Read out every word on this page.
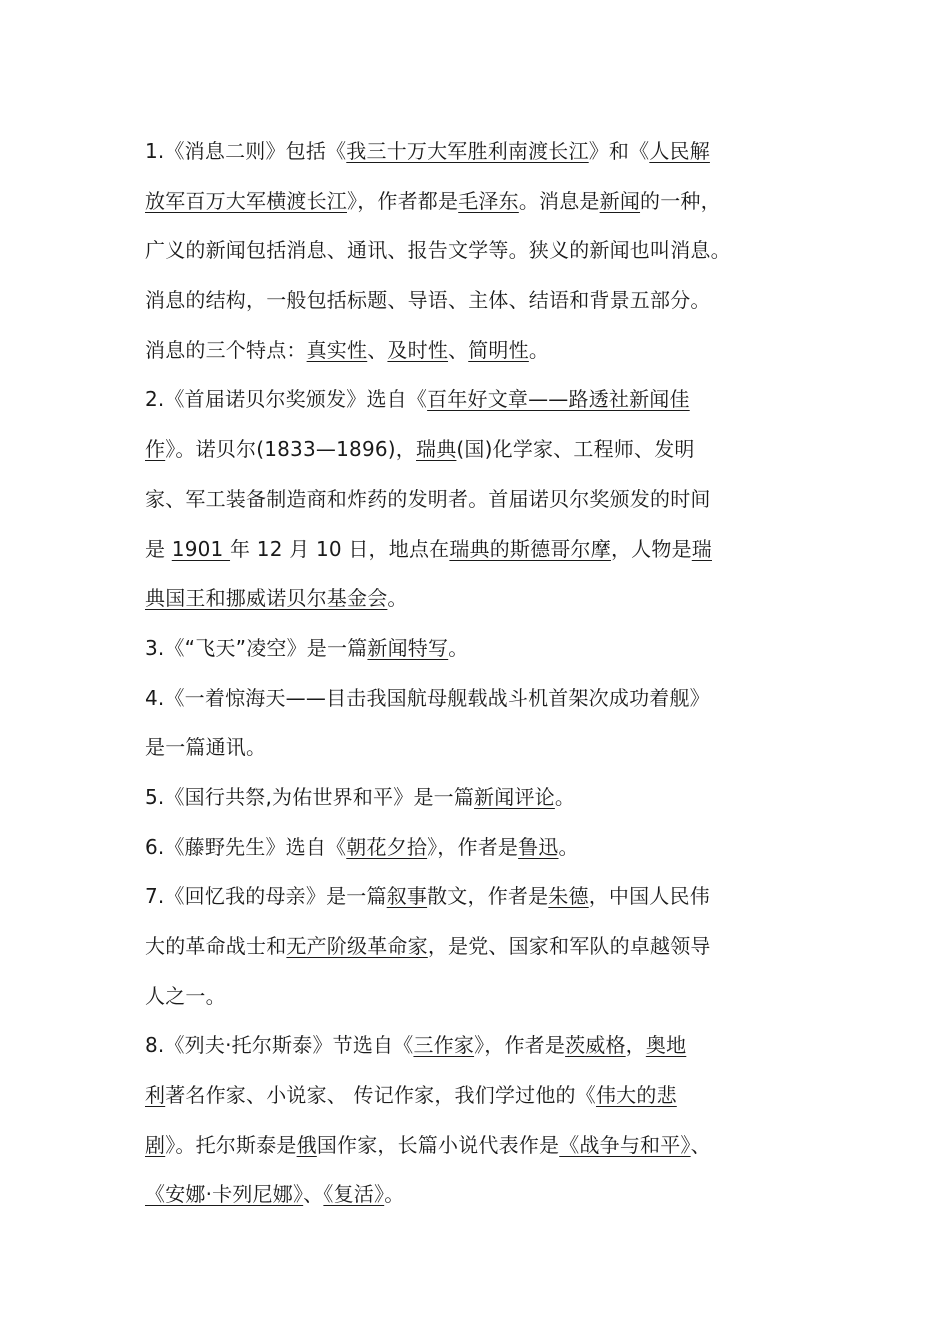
1.《消息二则》包括《我三十万大军胜利南渡长江》和《人民解
放军百万大军横渡长江》，作者都是毛泽东。消息是新闻的一种，
广义的新闻包括消息、通讯、报告文学等。狭义的新闻也叫消息。
消息的结构，一般包括标题、导语、主体、结语和背景五部分。
消息的三个特点：真实性、及时性、简明性。
2.《首届诺贝尔奖颁发》选自《百年好文章——路透社新闻佳
作》。诺贝尔(1833—1896)，瑞典(国)化学家、工程师、发明
家、军工装备制造商和炸药的发明者。首届诺贝尔奖颁发的时间
是 1901 年 12 月 10 日，地点在瑞典的斯德哥尔摩，人物是瑞
典国王和挪威诺贝尔基金会。
3.《“飞天”凌空》是一篇新闻特写。
4.《一着惊海天——目击我国航母舰载战斗机首架次成功着舰》
是一篇通讯。
5.《国行共祭,为佑世界和平》是一篇新闻评论。
6.《藤野先生》选自《朝花夕拾》，作者是鲁迅。
7.《回忆我的母亲》是一篇叙事散文，作者是朱德，中国人民伟
大的革命战士和无产阶级革命家，是党、国家和军队的卓越领导
人之一。
8.《列夫·托尔斯泰》节选自《三作家》，作者是茨威格，奥地
利著名作家、小说家、 传记作家，我们学过他的《伟大的悲
剧》。托尔斯泰是俄国作家，长篇小说代表作是《战争与和平》、
《安娜·卡列尼娜》、《复活》。
